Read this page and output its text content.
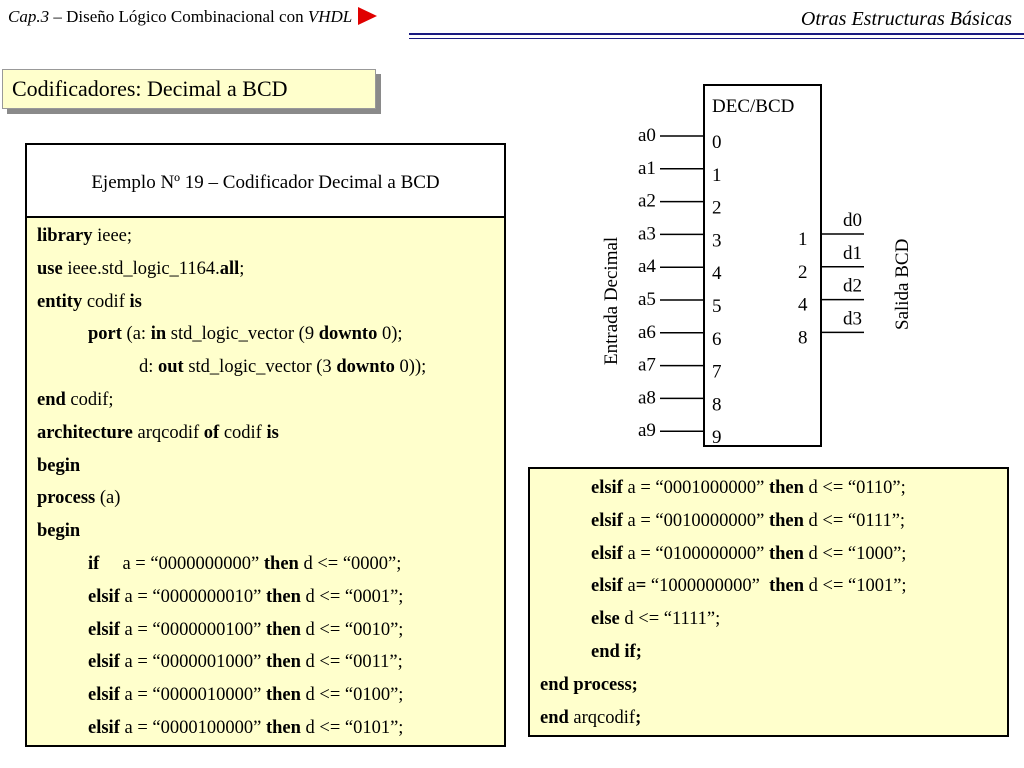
Cap.3 – Diseño Lógico Combinacional con VHDL	Otras Estructuras Básicas
Codificadores: Decimal a BCD
Ejemplo Nº 19 – Codificador Decimal a BCD
library ieee;
use ieee.std_logic_1164.all;
entity codif is
port (a: in std_logic_vector (9 downto 0);
d: out std_logic_vector (3 downto 0));
end codif;
architecture arqcodif of codif is
begin
process (a)
begin
if     a = “0000000000” then d <= “0000”;
elsif a = “0000000010” then d <= “0001”;
elsif a = “0000000100” then d <= “0010”;
elsif a = “0000001000” then d <= “0011”;
elsif a = “0000010000” then d <= “0100”;
elsif a = “0000100000” then d <= “0101”;
elsif a = “0001000000” then d <= “0110”;
elsif a = “0010000000” then d <= “0111”;
elsif a = “0100000000” then d <= “1000”;
elsif a= “1000000000”  then d <= “1001”;
else d <= “1111”;
end if;
end process;
end arqcodif;
DEC/BCD
a0	0
a1	1
a2	2
a3	3
a4	4
a5	5
a6	6
a7	7
a8	8
a9	9
d0
1
d1
2
d2
4
d3
8
Entrada Decimal	Salida BCD
